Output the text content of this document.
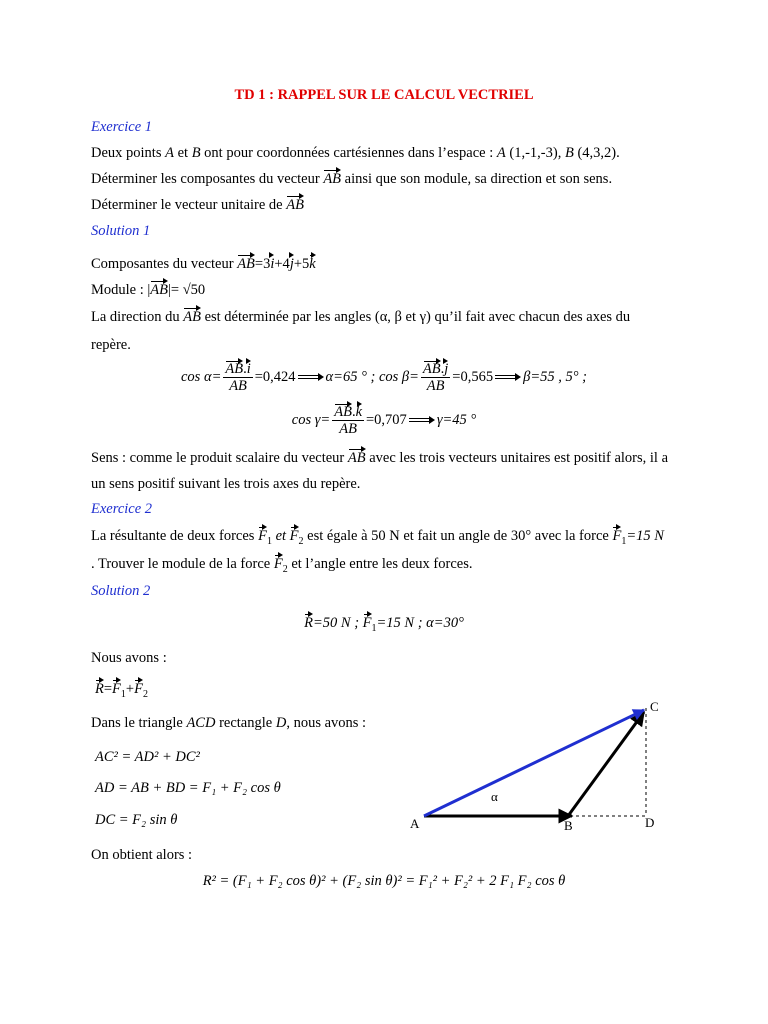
TD 1 : RAPPEL SUR LE CALCUL VECTRIEL
Exercice 1
Deux points A et B ont pour coordonnées cartésiennes dans l’espace : A (1,-1,-3), B (4,3,2).
Déterminer les composantes du vecteur AB ainsi que son module, sa direction et son sens.
Déterminer le vecteur unitaire de AB
Solution 1
Composantes du vecteur AB=3i+4j+5k
Module : |AB|= √50
La direction du AB est déterminée par les angles (α, β et γ) qu’il fait avec chacun des axes du
repère.
$\cos \alpha= \frac{AB.i}{AB} =0,424$ α=65 ° ; $\cos \beta= \frac{AB.j}{AB} =0,565$ β=55 , 5° ;
$\cos \gamma= \frac{AB.k}{AB} =0,707$ γ=45 °
Sens : comme le produit scalaire du vecteur AB avec les trois vecteurs unitaires est positif alors, il a
un sens positif suivant les trois axes du repère.
Exercice 2
La résultante de deux forces $F_1$ et $F_2$ est égale à 50 N et fait un angle de 30° avec la force $F_1=15$ N
. Trouver le module de la force $F_2$ et l’angle entre les deux forces.
Solution 2
R=50 N ; $F_1=15$ N ; α=30°
Nous avons :
$R=F_1+F_2$
Dans le triangle ACD rectangle D, nous avons :
AC² = AD² + DC²
AD = AB + BD = F₁ + F₂ cos θ
DC = F₂ sin θ
On obtient alors :
R² = (F₁ + F₂ cos θ)² + (F₂ sin θ)² = F₁² + F₂² + 2 F₁ F₂ cos θ
A	B
C
D
α
